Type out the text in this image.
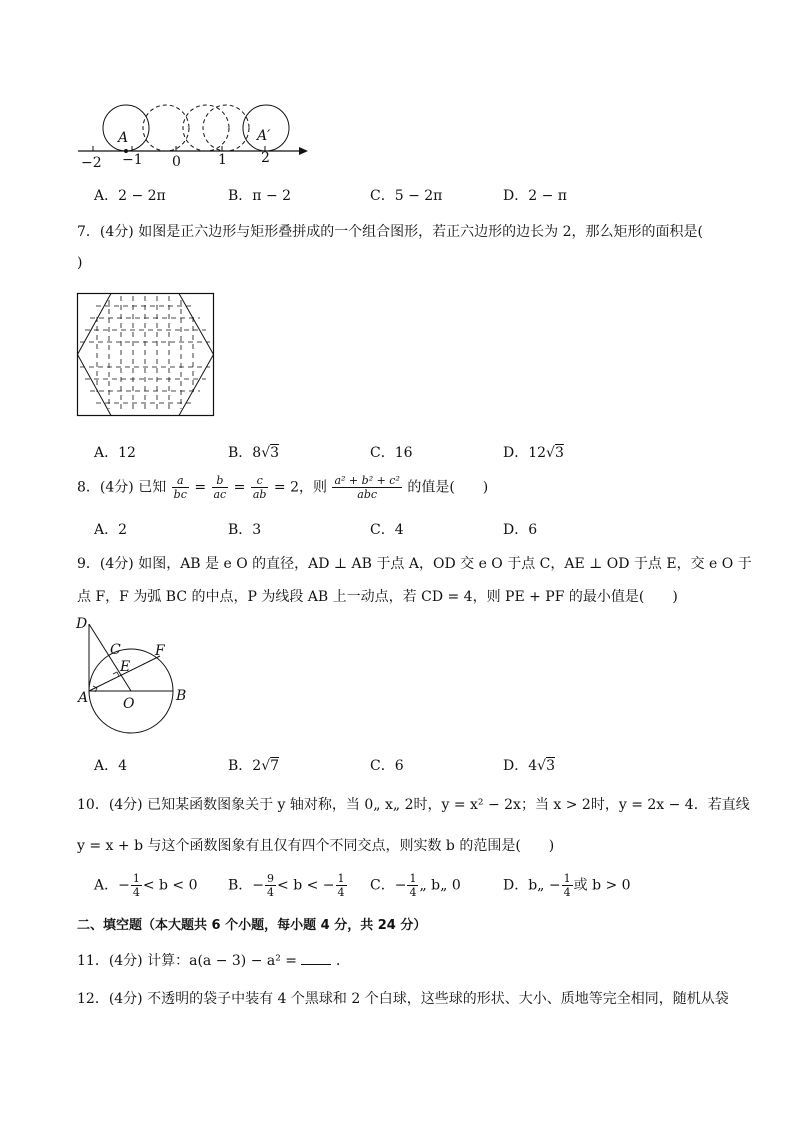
A	A′
−2 −1 0	1 2
A．2 − 2π	B．π − 2	C．5 − 2π	D．2 − π
7．(4分) 如图是正六边形与矩形叠拼成的一个组合图形，若正六边形的边长为 2，那么矩形的面积是(
)
A．12	B．8√3	C．16	D．12√3
8．(4分) 已知 $\frac{a}{bc} = \frac{b}{ac} = \frac{c}{ab} = 2$，则 $\frac{\text{a² + b² + c²}}{\text{abc}}$ 的值是(　　)
A．2	B．3	C．4	D．6
9．(4分) 如图，AB 是 e O 的直径，AD ⊥ AB 于点 A，OD 交 e O 于点 C，AE ⊥ OD 于点 E，交 e O 于
点 F，F 为弧 BC 的中点，P 为线段 AB 上一动点，若 CD = 4，则 PE + PF 的最小值是(　　)
D
C F
E
A O	B
A．4	B．2√7	C．6	D．4√3
10．(4分) 已知某函数图象关于 y 轴对称，当 0„ x„ 2时，y = x² − 2x；当 x > 2时，y = 2x − 4．若直线
y = x + b 与这个函数图象有且仅有四个不同交点，则实数 b 的范围是(　　)
A．− $\frac{1}{4} < b < 0$ B．− $\frac{9}{4} < b$ < − $\frac{1}{4}$ C．− $\frac{1}{4}$ „ b„ 0	D．b„ − $\frac{1}{4}$ 或 b > 0
二、填空题（本大题共 6 个小题，每小题 4 分，共 24 分）
11．(4分) 计算：a(a − 3) − a² =	．
12．(4分) 不透明的袋子中装有 4 个黑球和 2 个白球，这些球的形状、大小、质地等完全相同，随机从袋
